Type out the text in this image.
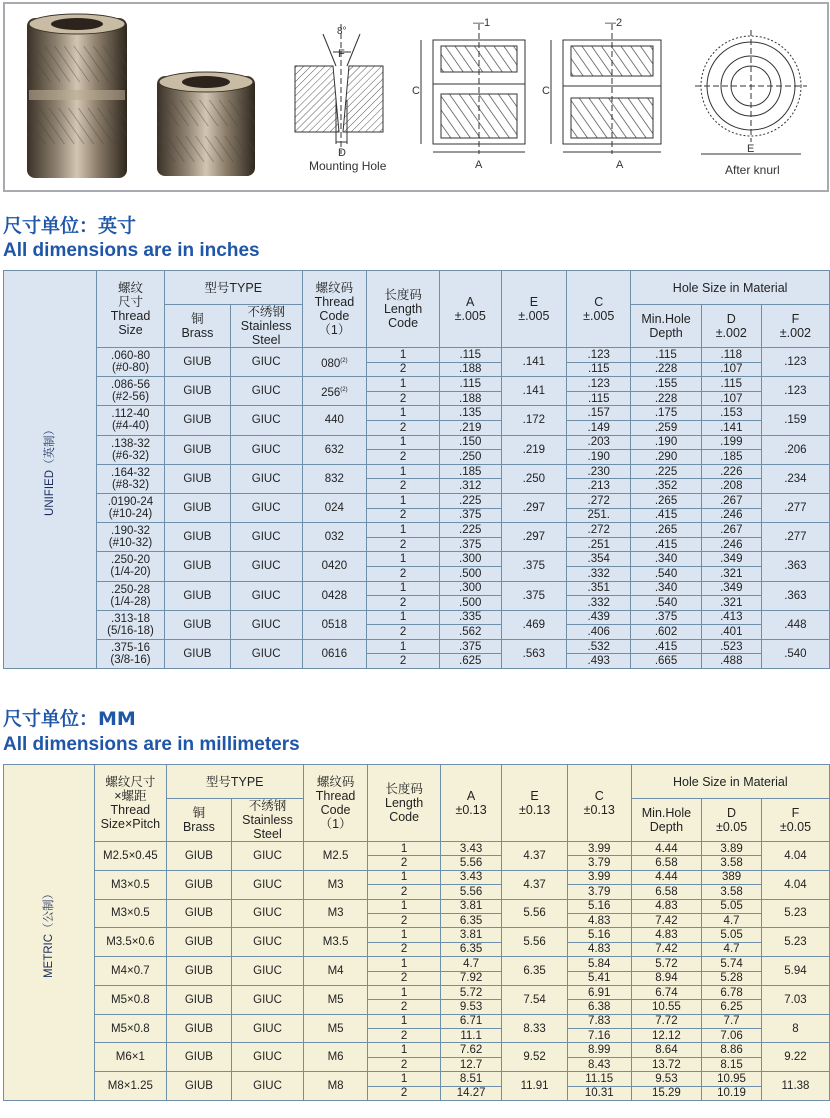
8°
F
D
Mounting Hole
—1
C
A
—2
C
A
E
After knurl
尺寸单位：英寸
All dimensions are in inches
UNIFIED（英制）	螺纹
尺寸
Thread
Size	型号TYPE		螺纹码
Thread
Code
（1）	长度码
Length
Code	A
±.005	E
±.005	C
±.005	Hole Size in Material		
		铜
Brass	不绣钢
Stainless
Steel						Min.Hole
Depth	D
±.002	F
±.002
	.060-80
(#0-80)	GIUB	GIUC	080$^{(2)}$	1	.115	.141	.123	.115	.118	.123
					2	.188		.115	.228	.107	
	.086-56
(#2-56)	GIUB	GIUC	256$^{(2)}$	1	.115	.141	.123	.155	.115	.123
					2	.188		.115	.228	.107	
	.112-40
(#4-40)	GIUB	GIUC	440	1	.135	.172	.157	.175	.153	.159
					2	.219		.149	.259	.141	
	.138-32
(#6-32)	GIUB	GIUC	632	1	.150	.219	.203	.190	.199	.206
					2	.250		.190	.290	.185	
	.164-32
(#8-32)	GIUB	GIUC	832	1	.185	.250	.230	.225	.226	.234
					2	.312		.213	.352	.208	
	.0190-24
(#10-24)	GIUB	GIUC	024	1	.225	.297	.272	.265	.267	.277
					2	.375		251.	.415	.246	
	.190-32
(#10-32)	GIUB	GIUC	032	1	.225	.297	.272	.265	.267	.277
					2	.375		.251	.415	.246	
	.250-20
(1/4-20)	GIUB	GIUC	0420	1	.300	.375	.354	.340	.349	.363
					2	.500		.332	.540	.321	
	.250-28
(1/4-28)	GIUB	GIUC	0428	1	.300	.375	.351	.340	.349	.363
					2	.500		.332	.540	.321	
	.313-18
(5/16-18)	GIUB	GIUC	0518	1	.335	.469	.439	.375	.413	.448
					2	.562		.406	.602	.401	
	.375-16
(3/8-16)	GIUB	GIUC	0616	1	.375	.563	.532	.415	.523	.540
					2	.625		.493	.665	.488	
尺寸单位：MM
All dimensions are in millimeters
METRIC（公制）	螺纹尺寸
×螺距
Thread
Size×Pitch	型号TYPE		螺纹码
Thread
Code
（1）	长度码
Length
Code	A
±0.13	E
±0.13	C
±0.13	Hole Size in Material		
		铜
Brass	不绣钢
Stainless
Steel						Min.Hole
Depth	D
±0.05	F
±0.05
	M2.5×0.45	GIUB	GIUC	M2.5	1	3.43	4.37	3.99	4.44	3.89	4.04
					2	5.56		3.79	6.58	3.58	
	M3×0.5	GIUB	GIUC	M3	1	3.43	4.37	3.99	4.44	389	4.04
					2	5.56		3.79	6.58	3.58	
	M3×0.5	GIUB	GIUC	M3	1	3.81	5.56	5.16	4.83	5.05	5.23
					2	6.35		4.83	7.42	4.7	
	M3.5×0.6	GIUB	GIUC	M3.5	1	3.81	5.56	5.16	4.83	5.05	5.23
					2	6.35		4.83	7.42	4.7	
	M4×0.7	GIUB	GIUC	M4	1	4.7	6.35	5.84	5.72	5.74	5.94
					2	7.92		5.41	8.94	5.28	
	M5×0.8	GIUB	GIUC	M5	1	5.72	7.54	6.91	6.74	6.78	7.03
					2	9.53		6.38	10.55	6.25	
	M5×0.8	GIUB	GIUC	M5	1	6.71	8.33	7.83	7.72	7.7	8
					2	11.1		7.16	12.12	7.06	
	M6×1	GIUB	GIUC	M6	1	7.62	9.52	8.99	8.64	8.86	9.22
					2	12.7		8.43	13.72	8.15	
	M8×1.25	GIUB	GIUC	M8	1	8.51	11.91	11.15	9.53	10.95	11.38
					2	14.27		10.31	15.29	10.19	
